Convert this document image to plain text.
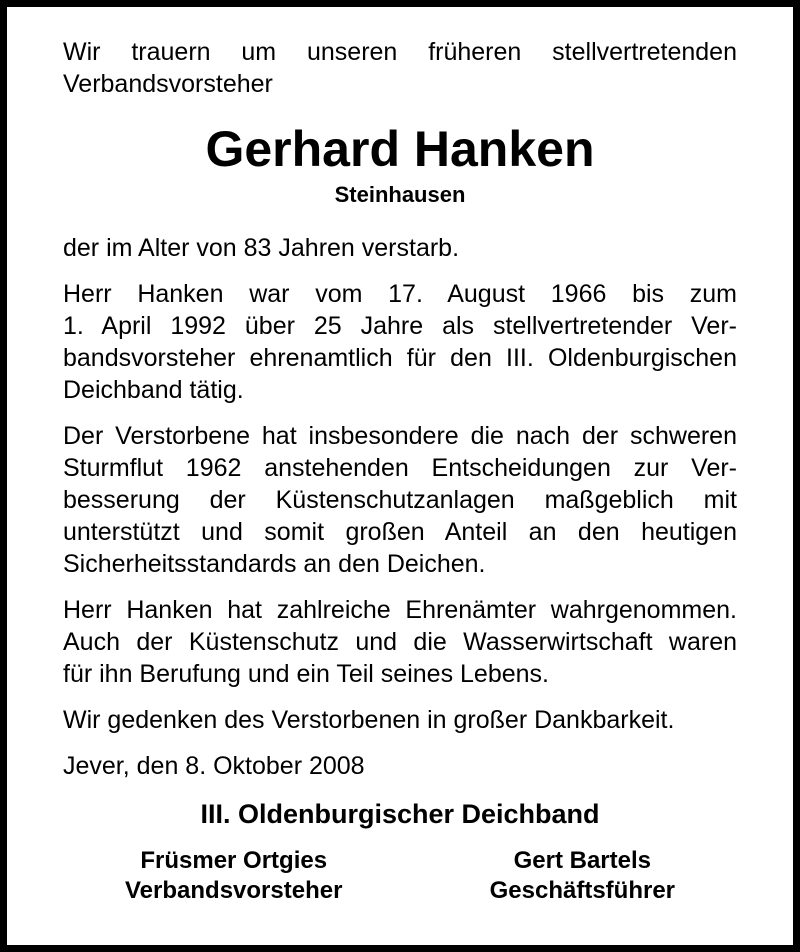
Wir trauern um unseren früheren stellvertretenden

Verbandsvorsteher

Gerhard Hanken
Steinhausen

der im Alter von 83 Jahren verstarb.

Herr Hanken war vom 17. August 1966 bis zum
1. April 1992 über 25 Jahre als stellvertretender Ver-
bandsvorsteher ehrenamtlich für den III. Oldenburgischen
Deichband tätig.

Der Verstorbene hat insbesondere die nach der schweren
Sturmflut 1962 anstehenden Entscheidungen zur Ver-
besserung der Küstenschutzanlagen maßgeblich mit
unterstützt und somit großen Anteil an den heutigen
Sicherheitsstandards an den Deichen.

Herr Hanken hat zahlreiche Ehrenämter wahrgenommen.
Auch der Küstenschutz und die Wasserwirtschaft waren
für ihn Berufung und ein Teil seines Lebens.

Wir gedenken des Verstorbenen in großer Dankbarkeit.

Jever, den 8. Oktober 2008

III. Oldenburgischer Deichband
Früsmer Ortgies
Verbandsvorsteher
Gert Bartels
Geschäftsführer
